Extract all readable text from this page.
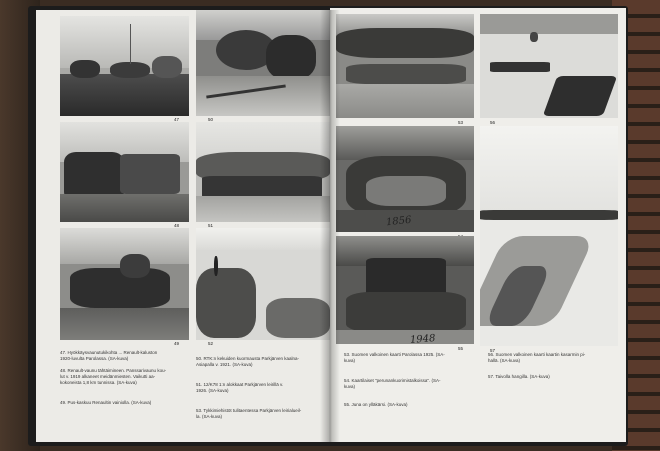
47	50
48	51
49	52
47. Hyökkäysvaunutukikohta ... Renault-kaluston
1920-luvulta Parolassa. (SA-kuva)
48. Renault-vaunu tähtäimineen. Panssarivaunu kou-
lut v. 1919 alkaneet meidänmiesten. Vaikutti aa-
kokoneista 1,8 km tunnissa. (SA-kuva)
49. Pus-kaskuu Renaultin vainiolla. (SA-kuva)
50. RTK:n kekuiden kuormausta Parkjärven kaalna-
Asiapalla v. 1921. (SA-kuva)
51. 12/K78 1:n alokkaat Parkjärven leirillä v.
1926. (SA-kuva)
53. Tykkimiehistöt tulitaentessa Parkjärven leirialueil-
la. (SA-kuva)
53	56
1856
57
1948
55
53. Suomen valkoinen kaarti Parolassa 1925. (SA-
kuva)
54. Kaartilaiset "perunankuorimistalkoissa". (SA-
kuva)
55. Juna on ylläkärsi. (SA-kuva)
56. Suomen valkoinen kaarti kaartin kasarmin pi-
hallä. (SA-kuva)
57. Taivolla hangilla. (SA-kuva)
